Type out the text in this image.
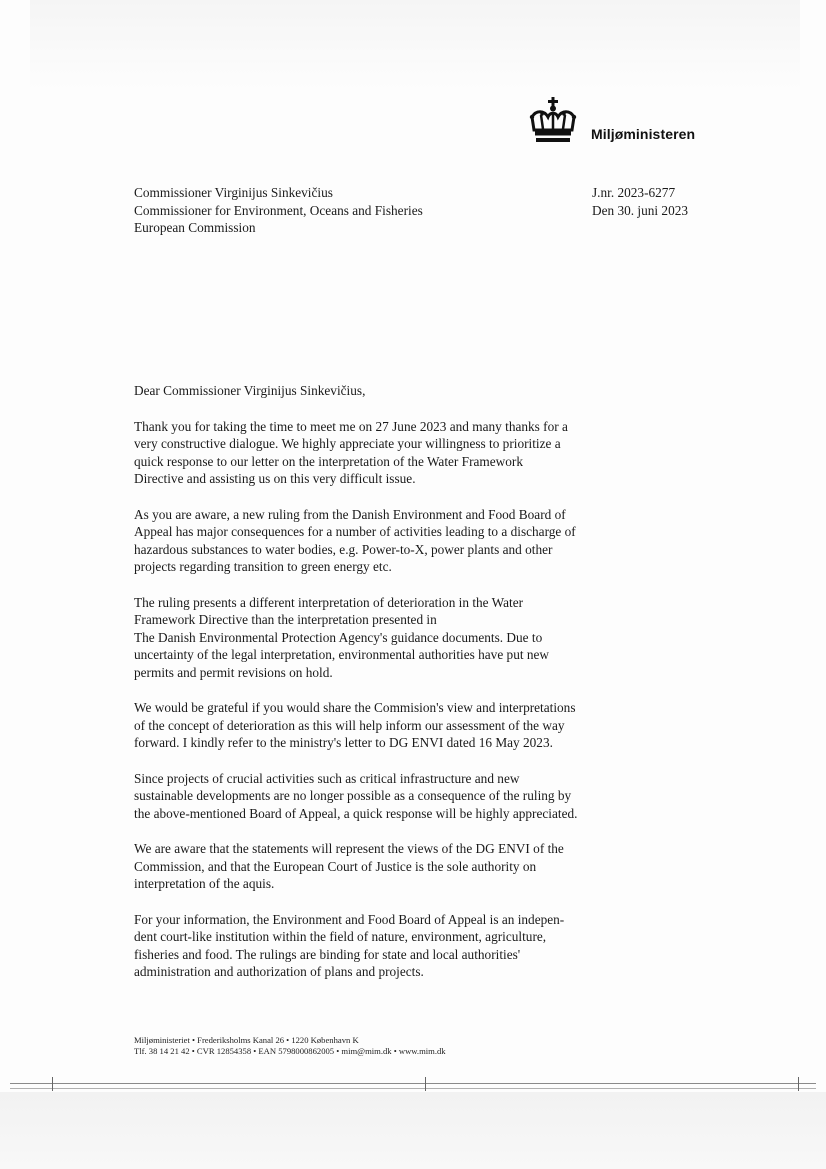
Miljøministeren
Commissioner Virginijus Sinkevičius
Commissioner for Environment, Oceans and Fisheries
European Commission
J.nr. 2023-6277
Den 30. juni 2023

Dear Commissioner Virginijus Sinkevičius,

Thank you for taking the time to meet me on 27 June 2023 and many thanks for a
very constructive dialogue. We highly appreciate your willingness to prioritize a
quick response to our letter on the interpretation of the Water Framework
Directive and assisting us on this very difficult issue.

As you are aware, a new ruling from the Danish Environment and Food Board of
Appeal has major consequences for a number of activities leading to a discharge of
hazardous substances to water bodies, e.g. Power-to-X, power plants and other
projects regarding transition to green energy etc.

The ruling presents a different interpretation of deterioration in the Water
Framework Directive than the interpretation presented in
The Danish Environmental Protection Agency's guidance documents. Due to
uncertainty of the legal interpretation, environmental authorities have put new
permits and permit revisions on hold.

We would be grateful if you would share the Commision's view and interpretations
of the concept of deterioration as this will help inform our assessment of the way
forward. I kindly refer to the ministry's letter to DG ENVI dated 16 May 2023.

Since projects of crucial activities such as critical infrastructure and new
sustainable developments are no longer possible as a consequence of the ruling by
the above-mentioned Board of Appeal, a quick response will be highly appreciated.

We are aware that the statements will represent the views of the DG ENVI of the
Commission, and that the European Court of Justice is the sole authority on
interpretation of the aquis.

For your information, the Environment and Food Board of Appeal is an indepen-
dent court-like institution within the field of nature, environment, agriculture,
fisheries and food. The rulings are binding for state and local authorities'
administration and authorization of plans and projects.

Miljøministeriet • Frederiksholms Kanal 26 • 1220 København K
Tlf. 38 14 21 42 • CVR 12854358 • EAN 5798000862005 • mim@mim.dk • www.mim.dk
